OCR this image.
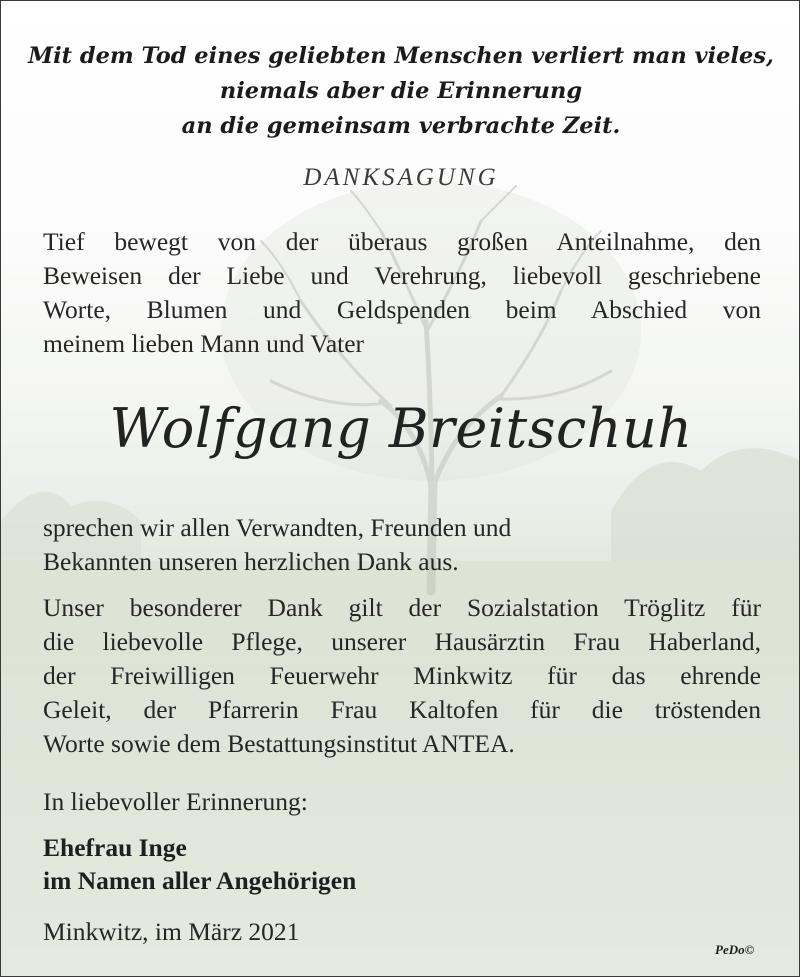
Mit dem Tod eines geliebten Menschen verliert man vieles,
niemals aber die Erinnerung
an die gemeinsam verbrachte Zeit.
DANKSAGUNG
Tief bewegt von der überaus großen Anteilnahme, den
Beweisen der Liebe und Verehrung, liebevoll geschriebene
Worte, Blumen und Geldspenden beim Abschied von
meinem lieben Mann und Vater
Wolfgang Breitschuh
sprechen wir allen Verwandten, Freunden und
Bekannten unseren herzlichen Dank aus.
Unser besonderer Dank gilt der Sozialstation Tröglitz für
die liebevolle Pflege, unserer Hausärztin Frau Haberland,
der Freiwilligen Feuerwehr Minkwitz für das ehrende
Geleit, der Pfarrerin Frau Kaltofen für die tröstenden
Worte sowie dem Bestattungsinstitut ANTEA.
In liebevoller Erinnerung:
Ehefrau Inge
im Namen aller Angehörigen
Minkwitz, im März 2021
PeDo©
